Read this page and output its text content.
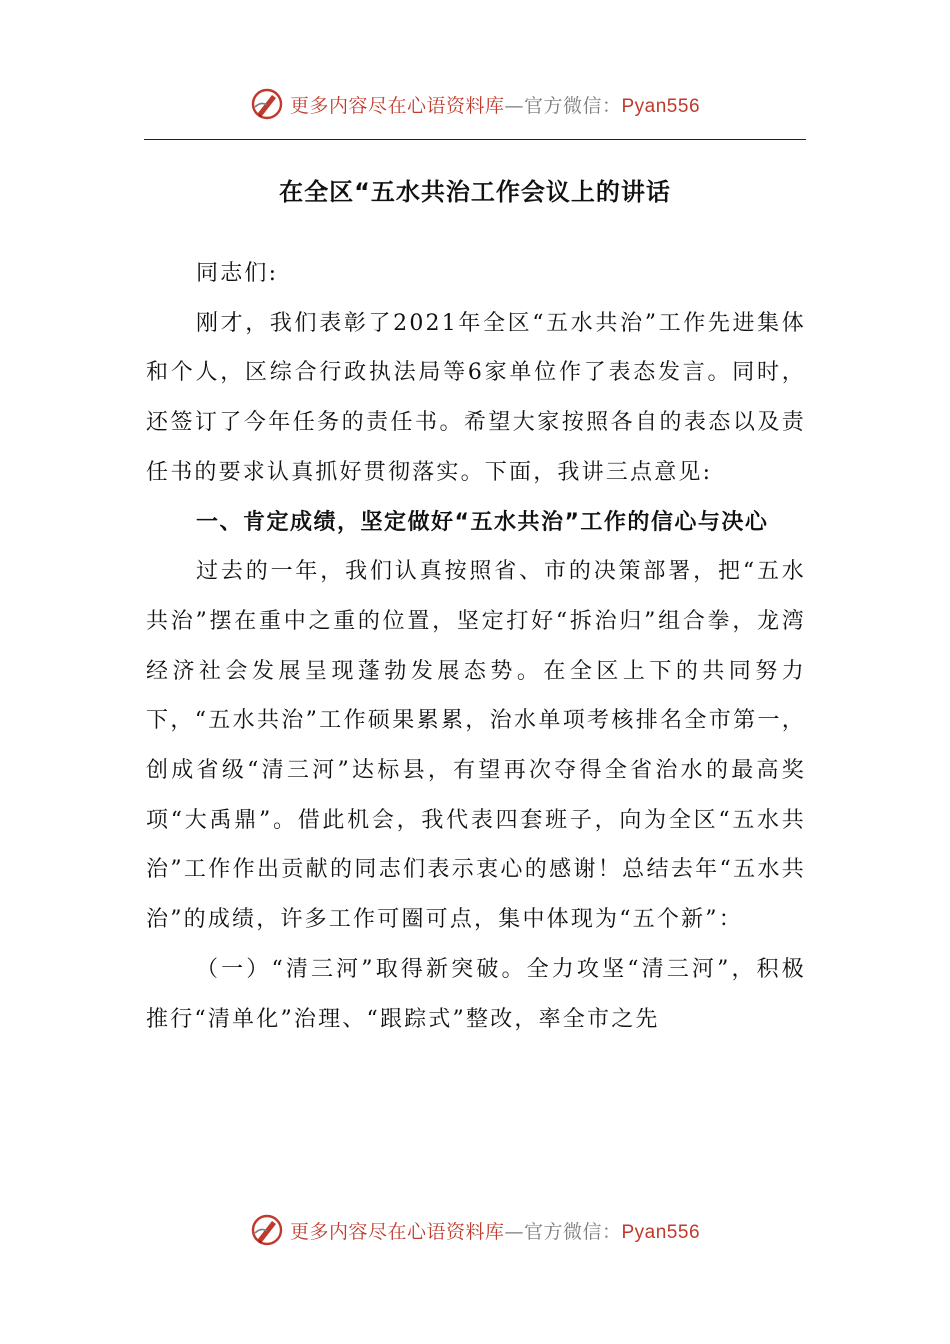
更多内容尽在心语资料库—官方微信：Pyan556
在全区“五水共治工作会议上的讲话

同志们:

刚才，我们表彰了2021年全区“五水共治”工作先进集体和个人，区综合行政执法局等6家单位作了表态发言。同时，还签订了今年任务的责任书。希望大家按照各自的表态以及责任书的要求认真抓好贯彻落实。下面，我讲三点意见:

一、肯定成绩，坚定做好“五水共治”工作的信心与决心

过去的一年，我们认真按照省、市的决策部署，把“五水共治”摆在重中之重的位置，坚定打好“拆治归”组合拳，龙湾经济社会发展呈现蓬勃发展态势。在全区上下的共同努力下，“五水共治”工作硕果累累，治水单项考核排名全市第一，创成省级“清三河”达标县，有望再次夺得全省治水的最高奖项“大禹鼎”。借此机会，我代表四套班子，向为全区“五水共治”工作作出贡献的同志们表示衷心的感谢！总结去年“五水共治”的成绩，许多工作可圈可点，集中体现为“五个新”：

（一）“清三河”取得新突破。全力攻坚“清三河”，积极推行“清单化”治理、“跟踪式”整改，率全市之先

更多内容尽在心语资料库—官方微信：Pyan556
